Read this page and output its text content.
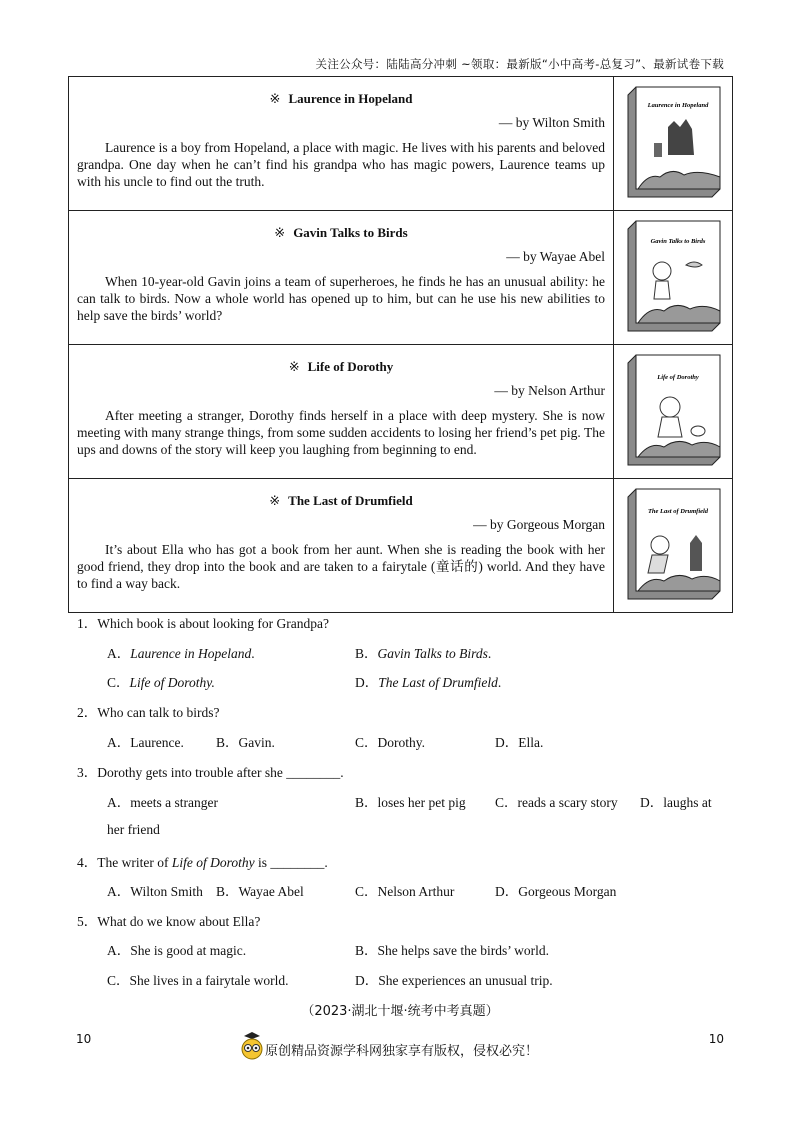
关注公众号：陆陆高分冲刺 ~领取：最新版“小中高考-总复习”、最新试卷下载

※ Laurence in Hopeland

— by Wilton Smith

Laurence is a boy from Hopeland, a place with magic. He lives with his parents and beloved grandpa. One day when he can’t find his grandpa who has magic powers, Laurence teams up with his uncle to find out the truth.	Laurence in Hopeland

※ Gavin Talks to Birds

— by Wayae Abel

When 10-year-old Gavin joins a team of superheroes, he finds he has an unusual ability: he can talk to birds. Now a whole world has opened up to him, but can he use his new abilities to help save the birds’ world?	Gavin Talks to Birds

※ Life of Dorothy

— by Nelson Arthur

After meeting a stranger, Dorothy finds herself in a place with deep mystery. She is now meeting with many strange things, from some sudden accidents to losing her friend’s pet pig. The ups and downs of the story will keep you laughing from beginning to end.	Life of Dorothy

※ The Last of Drumfield

— by Gorgeous Morgan

It’s about Ella who has got a book from her aunt. When she is reading the book with her good friend, they drop into the book and are taken to a fairytale (童话的) world. And they have to find a way back.	The Last of Drumfield
1．Which book is about looking for Grandpa?
A．Laurence in Hopeland.	B．Gavin Talks to Birds.
C．Life of Dorothy.	D．The Last of Drumfield.
2．Who can talk to birds?
A．Laurence. B．Gavin.	C．Dorothy.	D．Ella.
3．Dorothy gets into trouble after she ________.
A．meets a stranger	B．loses her pet pig C．reads a scary story D．laughs at
her friend
4．The writer of Life of Dorothy is ________.
A．Wilton Smith B．Wayae Abel	C．Nelson Arthur	D．Gorgeous Morgan
5．What do we know about Ella?
A．She is good at magic.	B．She helps save the birds’ world.
C．She lives in a fairytale world.	D．She experiences an unusual trip.
（2023·湖北十堰·统考中考真题）
10	10
原创精品资源学科网独家享有版权，侵权必究！
